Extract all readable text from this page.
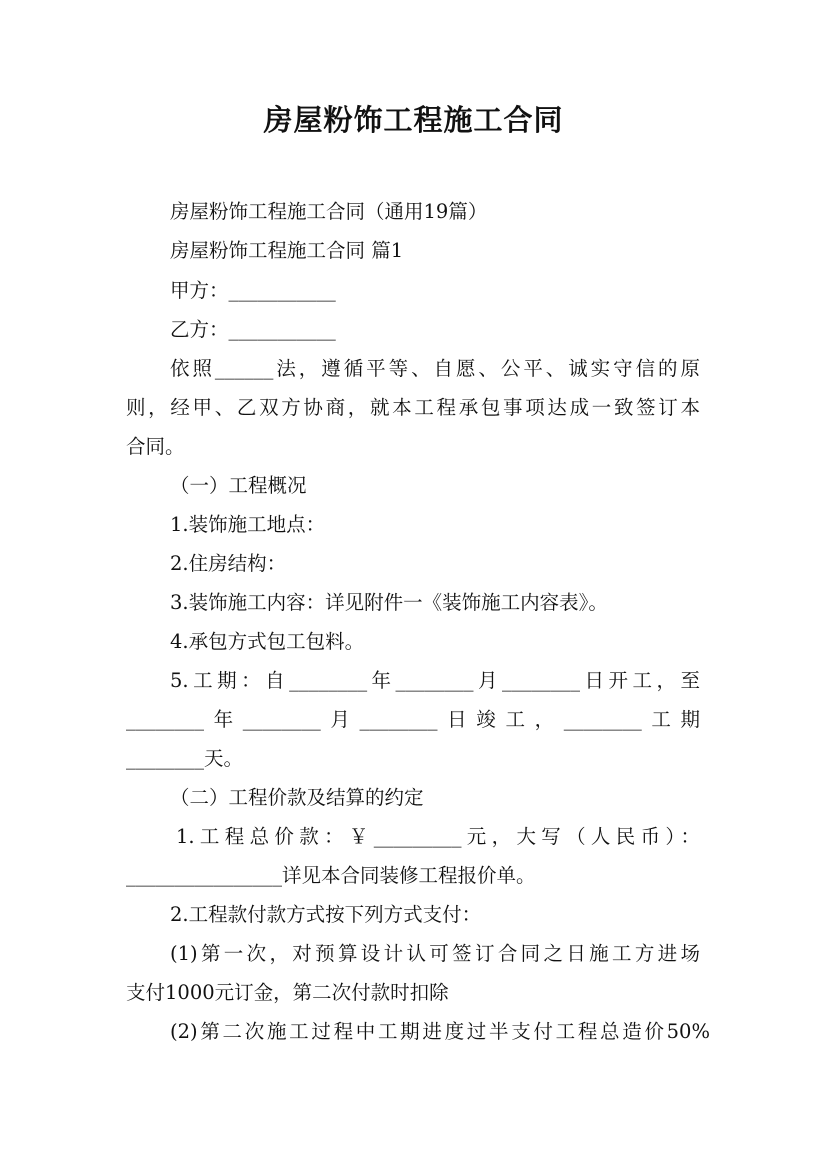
房屋粉饰工程施工合同
房屋粉饰工程施工合同（通用19篇）
房屋粉饰工程施工合同 篇1
甲方：___________
乙方：___________
依照______法，遵循平等、自愿、公平、诚实守信的原
则，经甲、乙双方协商，就本工程承包事项达成一致签订本
合同。
（一）工程概况
1.装饰施工地点：
2.住房结构：
3.装饰施工内容：详见附件一《装饰施工内容表》。
4.承包方式包工包料。
5.工期：自________年________月________日开工，至
________年________月________日竣工，________工期
________天。
（二）工程价款及结算的约定
1.工程总价款：￥_________元，大写（人民币）：
________________详见本合同装修工程报价单。
2.工程款付款方式按下列方式支付：
(1)第一次，对预算设计认可签订合同之日施工方进场
支付1000元订金，第二次付款时扣除
(2)第二次施工过程中工期进度过半支付工程总造价50%
